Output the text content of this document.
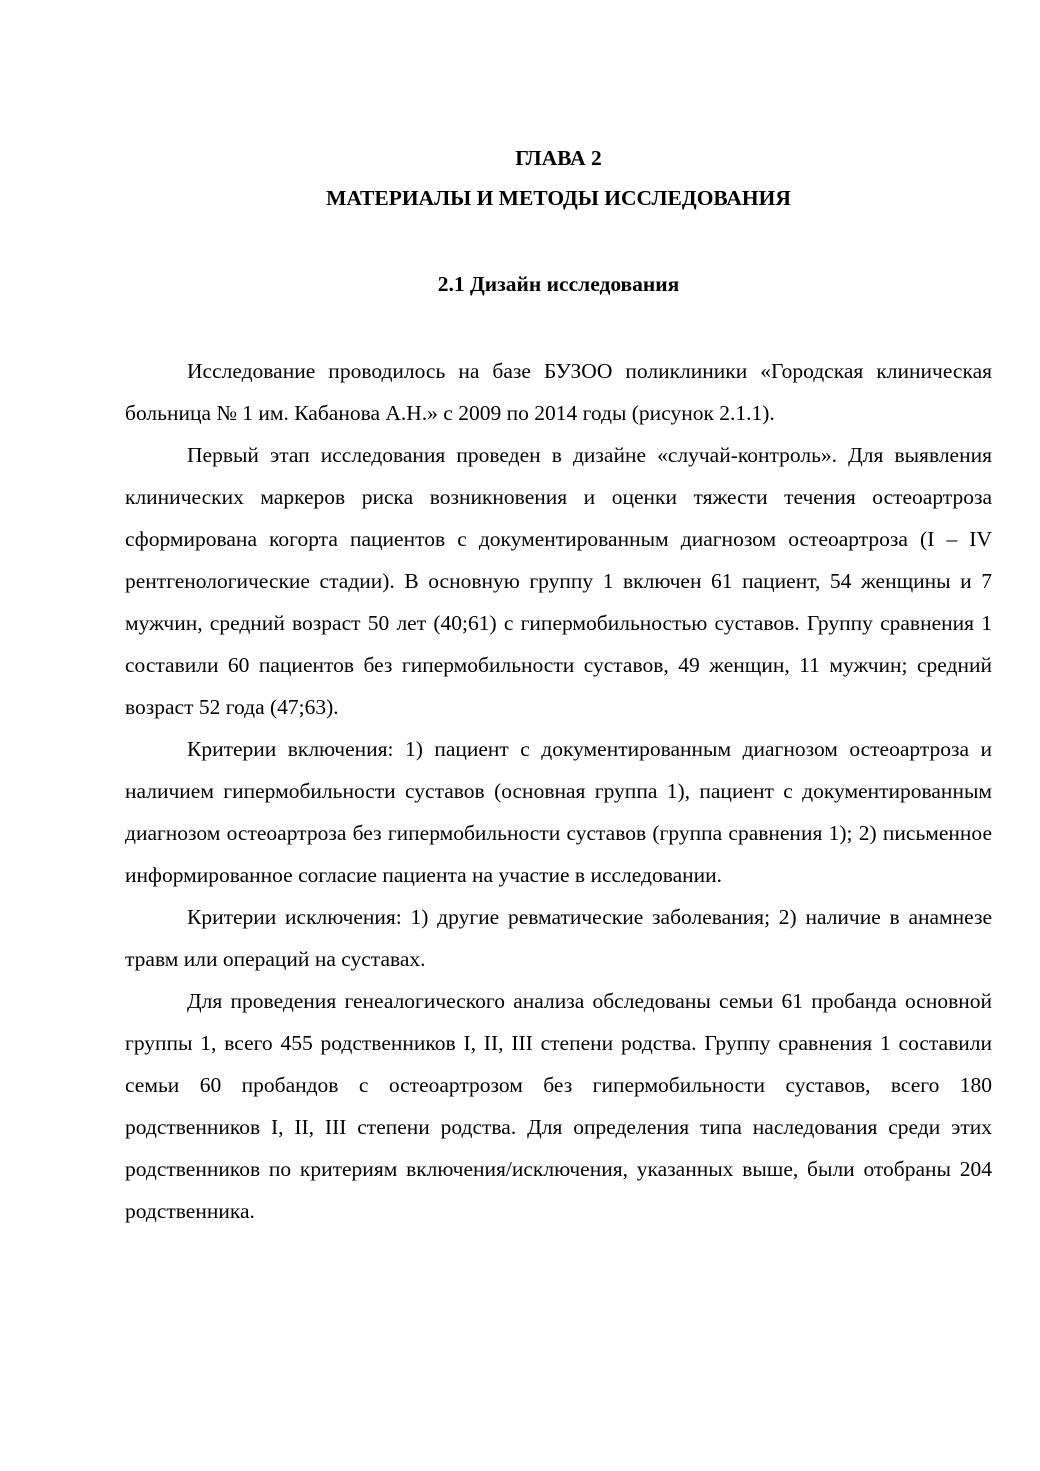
ГЛАВА 2

МАТЕРИАЛЫ И МЕТОДЫ ИССЛЕДОВАНИЯ

2.1 Дизайн исследования

Исследование проводилось на базе БУЗОО поликлиники «Городская клиническая больница № 1 им. Кабанова А.Н.» с 2009 по 2014 годы (рисунок 2.1.1).

Первый этап исследования проведен в дизайне «случай-контроль». Для выявления клинических маркеров риска возникновения и оценки тяжести течения остеоартроза сформирована когорта пациентов с документированным диагнозом остеоартроза (I – IV рентгенологические стадии). В основную группу 1 включен 61 пациент, 54 женщины и 7 мужчин, средний возраст 50 лет (40;61) с гипермобильностью суставов. Группу сравнения 1 составили 60 пациентов без гипермобильности суставов, 49 женщин, 11 мужчин; средний возраст 52 года (47;63).

Критерии включения: 1) пациент с документированным диагнозом остеоартроза и наличием гипермобильности суставов (основная группа 1), пациент с документированным диагнозом остеоартроза без гипермобильности суставов (группа сравнения 1); 2) письменное информированное согласие пациента на участие в исследовании.

Критерии исключения: 1) другие ревматические заболевания; 2) наличие в анамнезе травм или операций на суставах.

Для проведения генеалогического анализа обследованы семьи 61 пробанда основной группы 1, всего 455 родственников I, II, III степени родства. Группу сравнения 1 составили семьи 60 пробандов с остеоартрозом без гипермобильности суставов, всего 180 родственников I, II, III степени родства. Для определения типа наследования среди этих родственников по критериям включения/исключения, указанных выше, были отобраны 204 родственника.
